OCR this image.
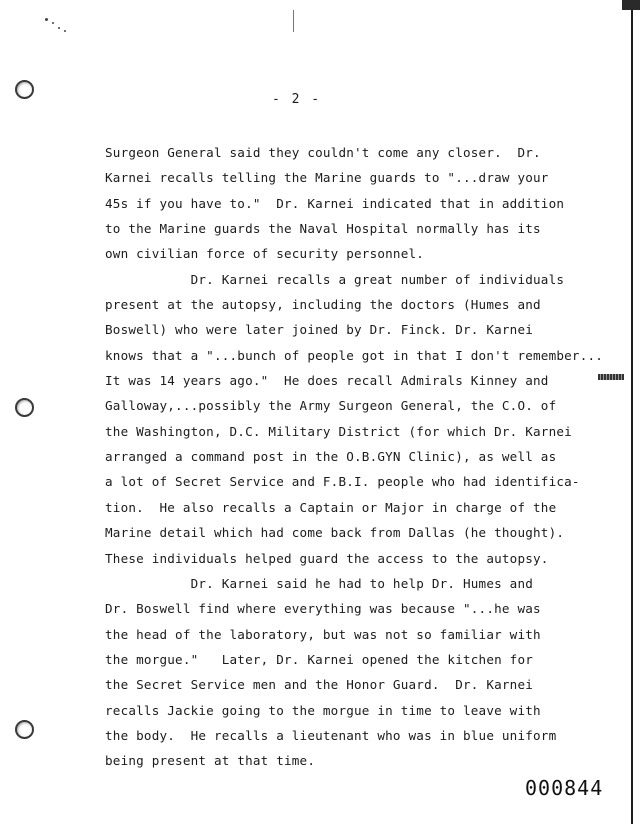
- 2 -
Surgeon General said they couldn't come any closer.  Dr.
Karnei recalls telling the Marine guards to "...draw your
45s if you have to."  Dr. Karnei indicated that in addition
to the Marine guards the Naval Hospital normally has its
own civilian force of security personnel.
Dr. Karnei recalls a great number of individuals
present at the autopsy, including the doctors (Humes and
Boswell) who were later joined by Dr. Finck. Dr. Karnei
knows that a "...bunch of people got in that I don't remember...
It was 14 years ago."  He does recall Admirals Kinney and
Galloway,...possibly the Army Surgeon General, the C.O. of
the Washington, D.C. Military District (for which Dr. Karnei
arranged a command post in the O.B.GYN Clinic), as well as
a lot of Secret Service and F.B.I. people who had identifica-
tion.  He also recalls a Captain or Major in charge of the
Marine detail which had come back from Dallas (he thought).
These individuals helped guard the access to the autopsy.
Dr. Karnei said he had to help Dr. Humes and
Dr. Boswell find where everything was because "...he was
the head of the laboratory, but was not so familiar with
the morgue."   Later, Dr. Karnei opened the kitchen for
the Secret Service men and the Honor Guard.  Dr. Karnei
recalls Jackie going to the morgue in time to leave with
the body.  He recalls a lieutenant who was in blue uniform
being present at that time.
000844
